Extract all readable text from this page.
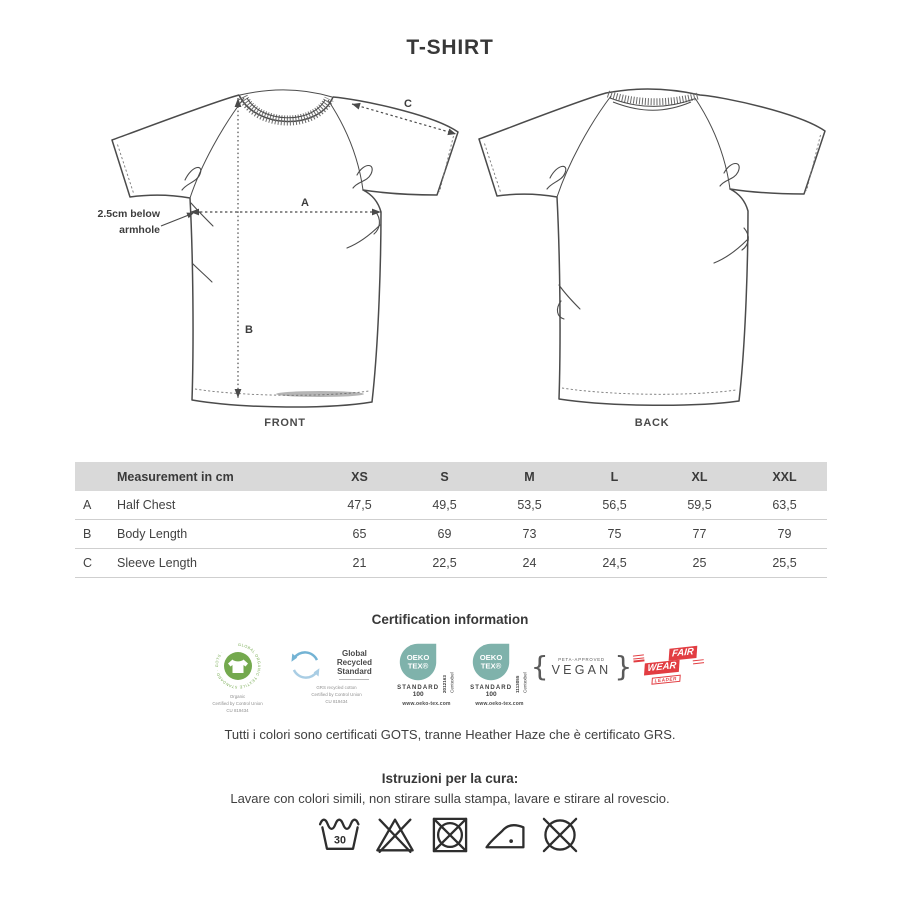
T-SHIRT
A
B
C
2.5cm below
armhole
FRONT	BACK
Measurement in cm	XS	S	M	L	XL	XXL
A	Half Chest	47,5	49,5	53,5	56,5	59,5	63,5
B	Body Length	65	69	73	75	77	79
C	Sleeve Length	21	22,5	24	24,5	25	25,5
Certification information
GLOBAL ORGANIC TEXTILE STANDARD · GOTS ·
Organic
Certified by Control Union
CU 819434
Global Recycled
Standard
GRS recycled cotton
Certified by Control Union
CU 819434
OEKO
TEX®
STANDARD
100
2012163 Centexbel
www.oeko-tex.com
OEKO
TEX®
STANDARD
100
1113055 Centexbel
www.oeko-tex.com
{ PETA-APPROVED
VEGAN }	FAIR
WEAR
LEADER
Tutti i colori sono certificati GOTS, tranne Heather Haze che è certificato GRS.
Istruzioni per la cura:
Lavare con colori simili, non stirare sulla stampa, lavare e stirare al rovescio.
30
